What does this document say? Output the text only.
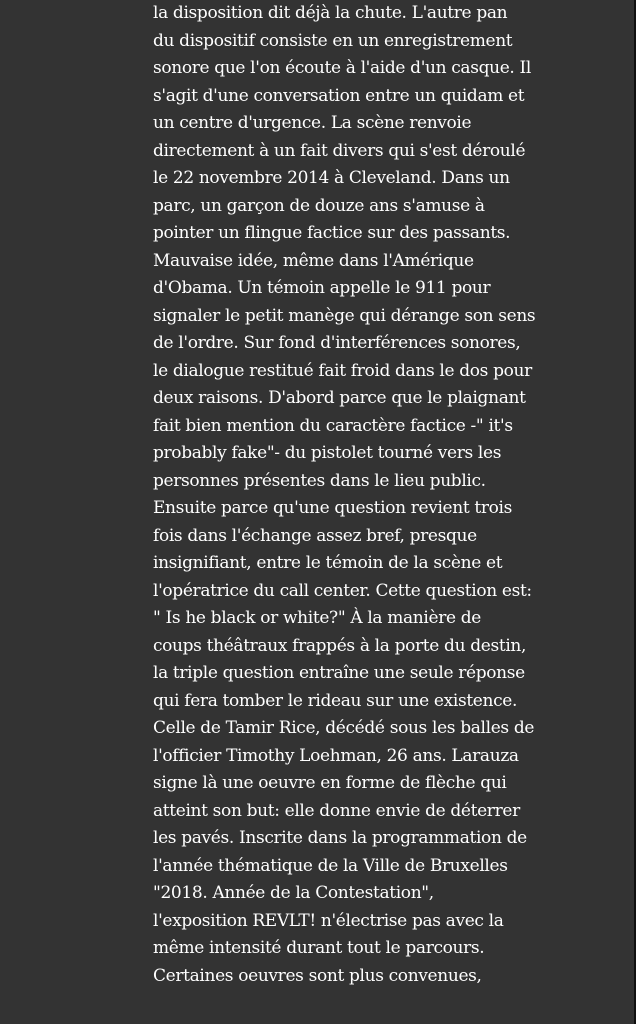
la disposition dit déjà la chute. L'autre pan
du dispositif consiste en un enregistrement
sonore que l'on écoute à l'aide d'un casque. Il
s'agit d'une conversation entre un quidam et
un centre d'urgence. La scène renvoie
directement à un fait divers qui s'est déroulé
le 22 novembre 2014 à Cleveland. Dans un
parc, un garçon de douze ans s'amuse à
pointer un flingue factice sur des passants.
Mauvaise idée, même dans l'Amérique
d'Obama. Un témoin appelle le 911 pour
signaler le petit manège qui dérange son sens
de l'ordre. Sur fond d'interférences sonores,
le dialogue restitué fait froid dans le dos pour
deux raisons. D'abord parce que le plaignant
fait bien mention du caractère factice -" it's
probably fake"- du pistolet tourné vers les
personnes présentes dans le lieu public.
Ensuite parce qu'une question revient trois
fois dans l'échange assez bref, presque
insignifiant, entre le témoin de la scène et
l'opératrice du call center. Cette question est:
" Is he black or white?" À la manière de
coups théâtraux frappés à la porte du destin,
la triple question entraîne une seule réponse
qui fera tomber le rideau sur une existence.
Celle de Tamir Rice, décédé sous les balles de
l'officier Timothy Loehman, 26 ans. Larauza
signe là une oeuvre en forme de flèche qui
atteint son but: elle donne envie de déterrer
les pavés. Inscrite dans la programmation de
l'année thématique de la Ville de Bruxelles
"2018. Année de la Contestation",
l'exposition REVLT! n'électrise pas avec la
même intensité durant tout le parcours.
Certaines oeuvres sont plus convenues,
